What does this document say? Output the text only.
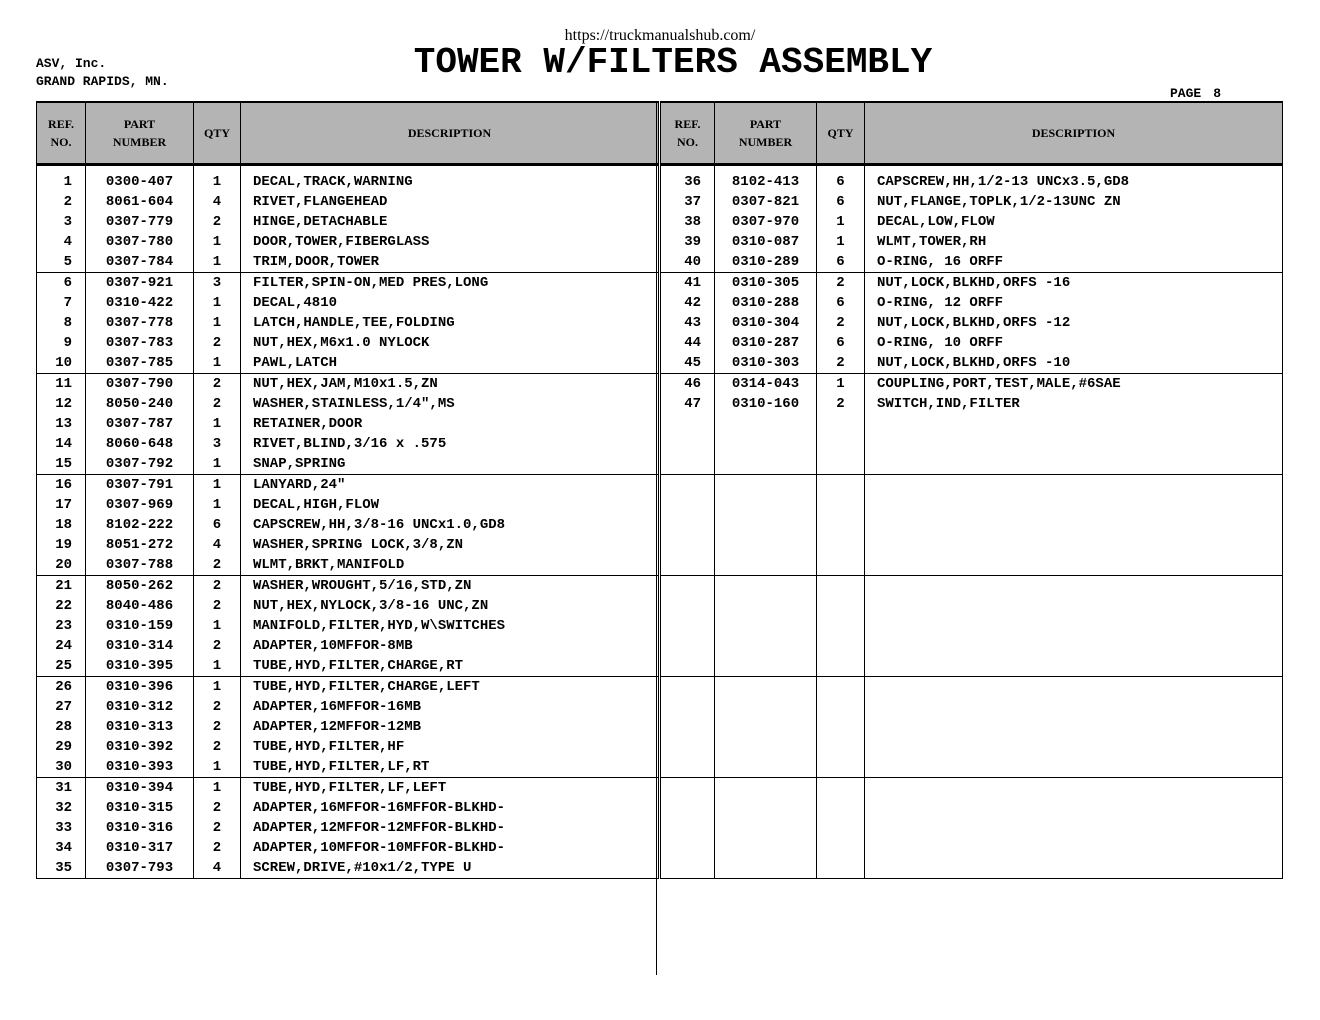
https://truckmanualshub.com/
ASV, Inc.
GRAND RAPIDS, MN.	TOWER W/FILTERS ASSEMBLY
PAGE 8
REF.
NO.	PART
NUMBER	QTY	DESCRIPTION

1	0300-407	1	DECAL,TRACK,WARNING
2	8061-604	4	RIVET,FLANGEHEAD
3	0307-779	2	HINGE,DETACHABLE
4	0307-780	1	DOOR,TOWER,FIBERGLASS
5	0307-784	1	TRIM,DOOR,TOWER
6	0307-921	3	FILTER,SPIN-ON,MED PRES,LONG
7	0310-422	1	DECAL,4810
8	0307-778	1	LATCH,HANDLE,TEE,FOLDING
9	0307-783	2	NUT,HEX,M6x1.0 NYLOCK
10	0307-785	1	PAWL,LATCH
11	0307-790	2	NUT,HEX,JAM,M10x1.5,ZN
12	8050-240	2	WASHER,STAINLESS,1/4",MS
13	0307-787	1	RETAINER,DOOR
14	8060-648	3	RIVET,BLIND,3/16 x .575
15	0307-792	1	SNAP,SPRING
16	0307-791	1	LANYARD,24"
17	0307-969	1	DECAL,HIGH,FLOW
18	8102-222	6	CAPSCREW,HH,3/8-16 UNCx1.0,GD8
19	8051-272	4	WASHER,SPRING LOCK,3/8,ZN
20	0307-788	2	WLMT,BRKT,MANIFOLD
21	8050-262	2	WASHER,WROUGHT,5/16,STD,ZN
22	8040-486	2	NUT,HEX,NYLOCK,3/8-16 UNC,ZN
23	0310-159	1	MANIFOLD,FILTER,HYD,W\SWITCHES
24	0310-314	2	ADAPTER,10MFFOR-8MB
25	0310-395	1	TUBE,HYD,FILTER,CHARGE,RT
26	0310-396	1	TUBE,HYD,FILTER,CHARGE,LEFT
27	0310-312	2	ADAPTER,16MFFOR-16MB
28	0310-313	2	ADAPTER,12MFFOR-12MB
29	0310-392	2	TUBE,HYD,FILTER,HF
30	0310-393	1	TUBE,HYD,FILTER,LF,RT
31	0310-394	1	TUBE,HYD,FILTER,LF,LEFT
32	0310-315	2	ADAPTER,16MFFOR-16MFFOR-BLKHD-
33	0310-316	2	ADAPTER,12MFFOR-12MFFOR-BLKHD-
34	0310-317	2	ADAPTER,10MFFOR-10MFFOR-BLKHD-
35	0307-793	4	SCREW,DRIVE,#10x1/2,TYPE U
REF.
NO.	PART
NUMBER	QTY	DESCRIPTION

36	8102-413	6	CAPSCREW,HH,1/2-13 UNCx3.5,GD8
37	0307-821	6	NUT,FLANGE,TOPLK,1/2-13UNC ZN
38	0307-970	1	DECAL,LOW,FLOW
39	0310-087	1	WLMT,TOWER,RH
40	0310-289	6	O-RING, 16 ORFF
41	0310-305	2	NUT,LOCK,BLKHD,ORFS -16
42	0310-288	6	O-RING, 12 ORFF
43	0310-304	2	NUT,LOCK,BLKHD,ORFS -12
44	0310-287	6	O-RING, 10 ORFF
45	0310-303	2	NUT,LOCK,BLKHD,ORFS -10
46	0314-043	1	COUPLING,PORT,TEST,MALE,#6SAE
47	0310-160	2	SWITCH,IND,FILTER
